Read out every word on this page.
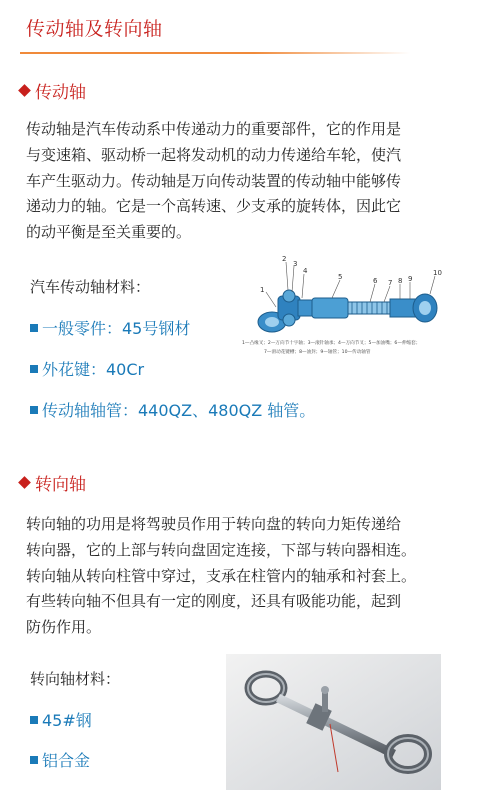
传动轴及转向轴
传动轴
传动轴是汽车传动系中传递动力的重要部件，它的作用是
与变速箱、驱动桥一起将发动机的动力传递给车轮，使汽
车产生驱动力。传动轴是万向传动装置的传动轴中能够传
递动力的轴。它是一个高转速、少支承的旋转体，因此它
的动平衡是至关重要的。
汽车传动轴材料：
一般零件：45号钢材
外花键：40Cr
传动轴轴管：440QZ、480QZ 轴管。
1
2
3
4
5	6 7 8 9
10
1—凸缘叉；2—万向节十字轴；3—滚针轴承；4—万向节叉；5—加油嘴；6—伸缩套；
7—滑动花键槽；8—油封；9—轴管；10—传动轴管
转向轴
转向轴的功用是将驾驶员作用于转向盘的转向力矩传递给
转向器，它的上部与转向盘固定连接，下部与转向器相连。
转向轴从转向柱管中穿过，支承在柱管内的轴承和衬套上。
有些转向轴不但具有一定的刚度，还具有吸能功能，起到
防伤作用。
转向轴材料：
45#钢
铝合金
